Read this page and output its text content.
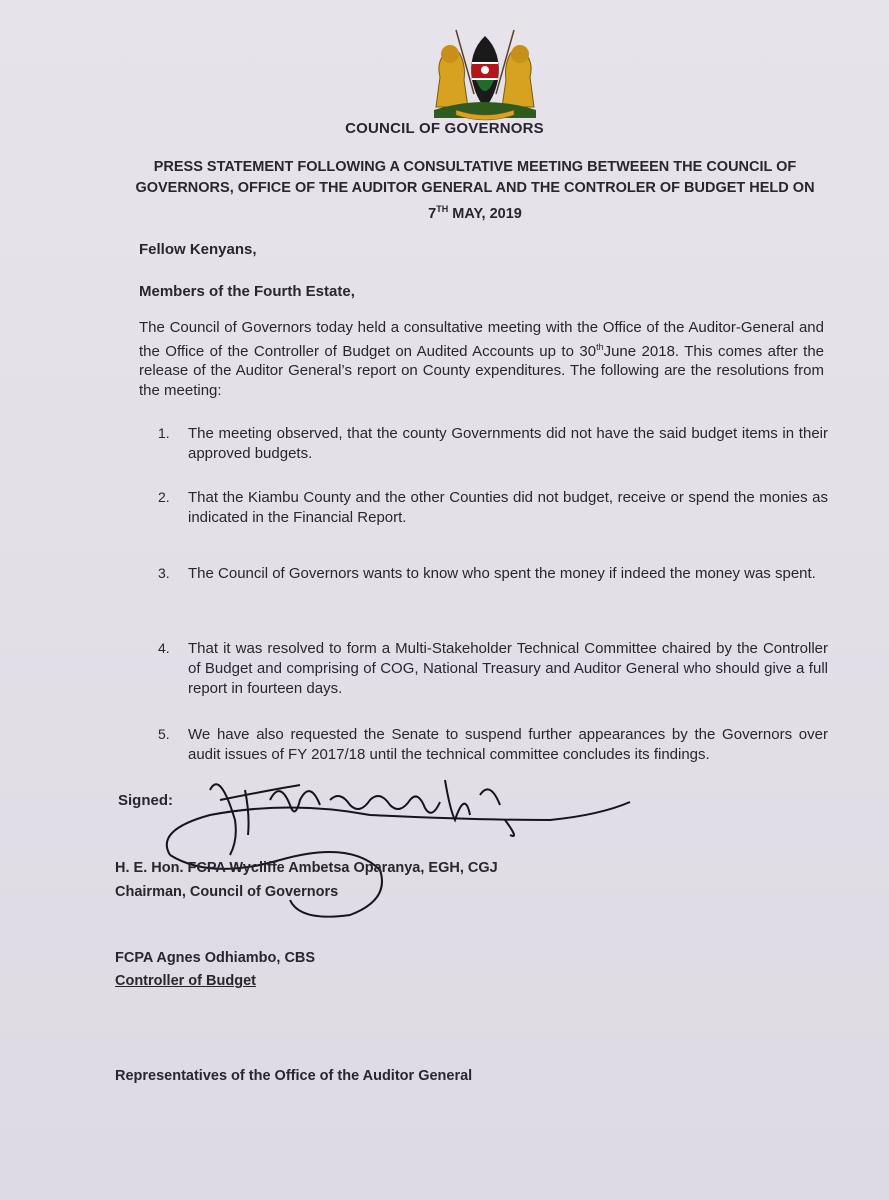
COUNCIL OF GOVERNORS
PRESS STATEMENT FOLLOWING A CONSULTATIVE MEETING BETWEEEN THE COUNCIL OF
GOVERNORS, OFFICE OF THE AUDITOR GENERAL AND THE CONTROLER OF BUDGET HELD ON
7TH MAY, 2019
Fellow Kenyans,
Members of the Fourth Estate,
The Council of Governors today held a consultative meeting with the Office of the Auditor-General and the Office of the Controller of Budget on Audited Accounts up to 30thJune 2018. This comes after the release of the Auditor General’s report on County expenditures. The following are the resolutions from the meeting:
1. The meeting observed, that the county Governments did not have the said budget items in their approved budgets.
2. That the Kiambu County and the other Counties did not budget, receive or spend the monies as indicated in the Financial Report.
3. The Council of Governors wants to know who spent the money if indeed the money was spent.
4. That it was resolved to form a Multi-Stakeholder Technical Committee chaired by the Controller of Budget and comprising of COG, National Treasury and Auditor General who should give a full report in fourteen days.
5. We have also requested the Senate to suspend further appearances by the Governors over audit issues of FY 2017/18 until the technical committee concludes its findings.
Signed:
H. E. Hon. FCPA Wycliffe Ambetsa Oparanya, EGH, CGJ
Chairman, Council of Governors
FCPA Agnes Odhiambo, CBS
Controller of Budget
Representatives of the Office of the Auditor General
